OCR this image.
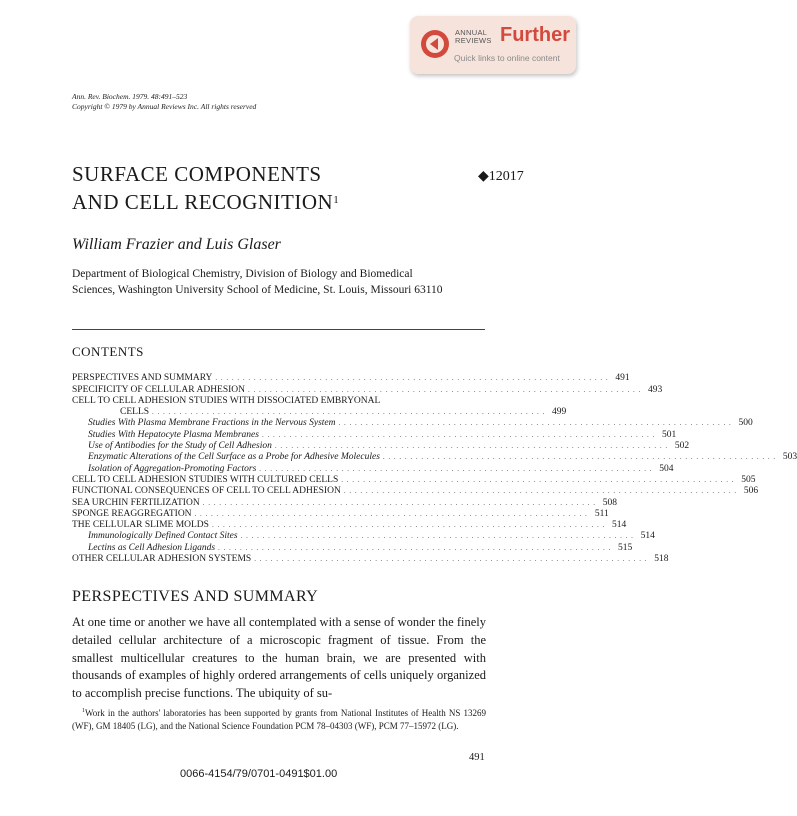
ANNUAL
REVIEWS Further
Quick links to online content
Ann. Rev. Biochem. 1979. 48:491–523
Copyright © 1979 by Annual Reviews Inc. All rights reserved
SURFACE COMPONENTS
AND CELL RECOGNITION$^1$
◆12017
William Frazier and Luis Glaser
Department of Biological Chemistry, Division of Biology and Biomedical
Sciences, Washington University School of Medicine, St. Louis, Missouri 63110
CONTENTS
PERSPECTIVES AND SUMMARY . . . . . . . . . . . . . . . . . . . . . . . . . . . . . . . . . . . . . . . . . . . . . . . . . . . . . . . . . . . . . . . . . . . . . . . . 491
SPECIFICITY OF CELLULAR ADHESION . . . . . . . . . . . . . . . . . . . . . . . . . . . . . . . . . . . . . . . . . . . . . . . . . . . . . . . . . . . . . . . . . . . . . . . . 493
CELL TO CELL ADHESION STUDIES WITH DISSOCIATED EMBRYONAL
CELLS . . . . . . . . . . . . . . . . . . . . . . . . . . . . . . . . . . . . . . . . . . . . . . . . . . . . . . . . . . . . . . . . . . . . . . . . 499
Studies With Plasma Membrane Fractions in the Nervous System . . . . . . . . . . . . . . . . . . . . . . . . . . . . . . . . . . . . . . . . . . . . . . . . . . . . . . . . . . . . . . . . . . . . . . . . 500
Studies With Hepatocyte Plasma Membranes . . . . . . . . . . . . . . . . . . . . . . . . . . . . . . . . . . . . . . . . . . . . . . . . . . . . . . . . . . . . . . . . . . . . . . . . 501
Use of Antibodies for the Study of Cell Adhesion . . . . . . . . . . . . . . . . . . . . . . . . . . . . . . . . . . . . . . . . . . . . . . . . . . . . . . . . . . . . . . . . . . . . . . . . 502
Enzymatic Alterations of the Cell Surface as a Probe for Adhesive Molecules . . . . . . . . . . . . . . . . . . . . . . . . . . . . . . . . . . . . . . . . . . . . . . . . . . . . . . . . . . . . . . . . . . . . . . . . 503
Isolation of Aggregation-Promoting Factors . . . . . . . . . . . . . . . . . . . . . . . . . . . . . . . . . . . . . . . . . . . . . . . . . . . . . . . . . . . . . . . . . . . . . . . . 504
CELL TO CELL ADHESION STUDIES WITH CULTURED CELLS . . . . . . . . . . . . . . . . . . . . . . . . . . . . . . . . . . . . . . . . . . . . . . . . . . . . . . . . . . . . . . . . . . . . . . . . 505
FUNCTIONAL CONSEQUENCES OF CELL TO CELL ADHESION . . . . . . . . . . . . . . . . . . . . . . . . . . . . . . . . . . . . . . . . . . . . . . . . . . . . . . . . . . . . . . . . . . . . . . . . 506
SEA URCHIN FERTILIZATION . . . . . . . . . . . . . . . . . . . . . . . . . . . . . . . . . . . . . . . . . . . . . . . . . . . . . . . . . . . . . . . . . . . . . . . . 508
SPONGE REAGGREGATION . . . . . . . . . . . . . . . . . . . . . . . . . . . . . . . . . . . . . . . . . . . . . . . . . . . . . . . . . . . . . . . . . . . . . . . . 511
THE CELLULAR SLIME MOLDS . . . . . . . . . . . . . . . . . . . . . . . . . . . . . . . . . . . . . . . . . . . . . . . . . . . . . . . . . . . . . . . . . . . . . . . . 514
Immunologically Defined Contact Sites . . . . . . . . . . . . . . . . . . . . . . . . . . . . . . . . . . . . . . . . . . . . . . . . . . . . . . . . . . . . . . . . . . . . . . . . 514
Lectins as Cell Adhesion Ligands . . . . . . . . . . . . . . . . . . . . . . . . . . . . . . . . . . . . . . . . . . . . . . . . . . . . . . . . . . . . . . . . . . . . . . . . 515
OTHER CELLULAR ADHESION SYSTEMS . . . . . . . . . . . . . . . . . . . . . . . . . . . . . . . . . . . . . . . . . . . . . . . . . . . . . . . . . . . . . . . . . . . . . . . . 518
PERSPECTIVES AND SUMMARY
At one time or another we have all contemplated with a sense of wonder the finely detailed cellular architecture of a microscopic fragment of tissue. From the smallest multicellular creatures to the human brain, we are presented with thousands of examples of highly ordered arrangements of cells uniquely organized to accomplish precise functions. The ubiquity of su-
$^1$Work in the authors' laboratories has been supported by grants from National Institutes of Health NS 13269 (WF), GM 18405 (LG), and the National Science Foundation PCM 78–04303 (WF), PCM 77–15972 (LG).
491
0066-4154/79/0701-0491$01.00
